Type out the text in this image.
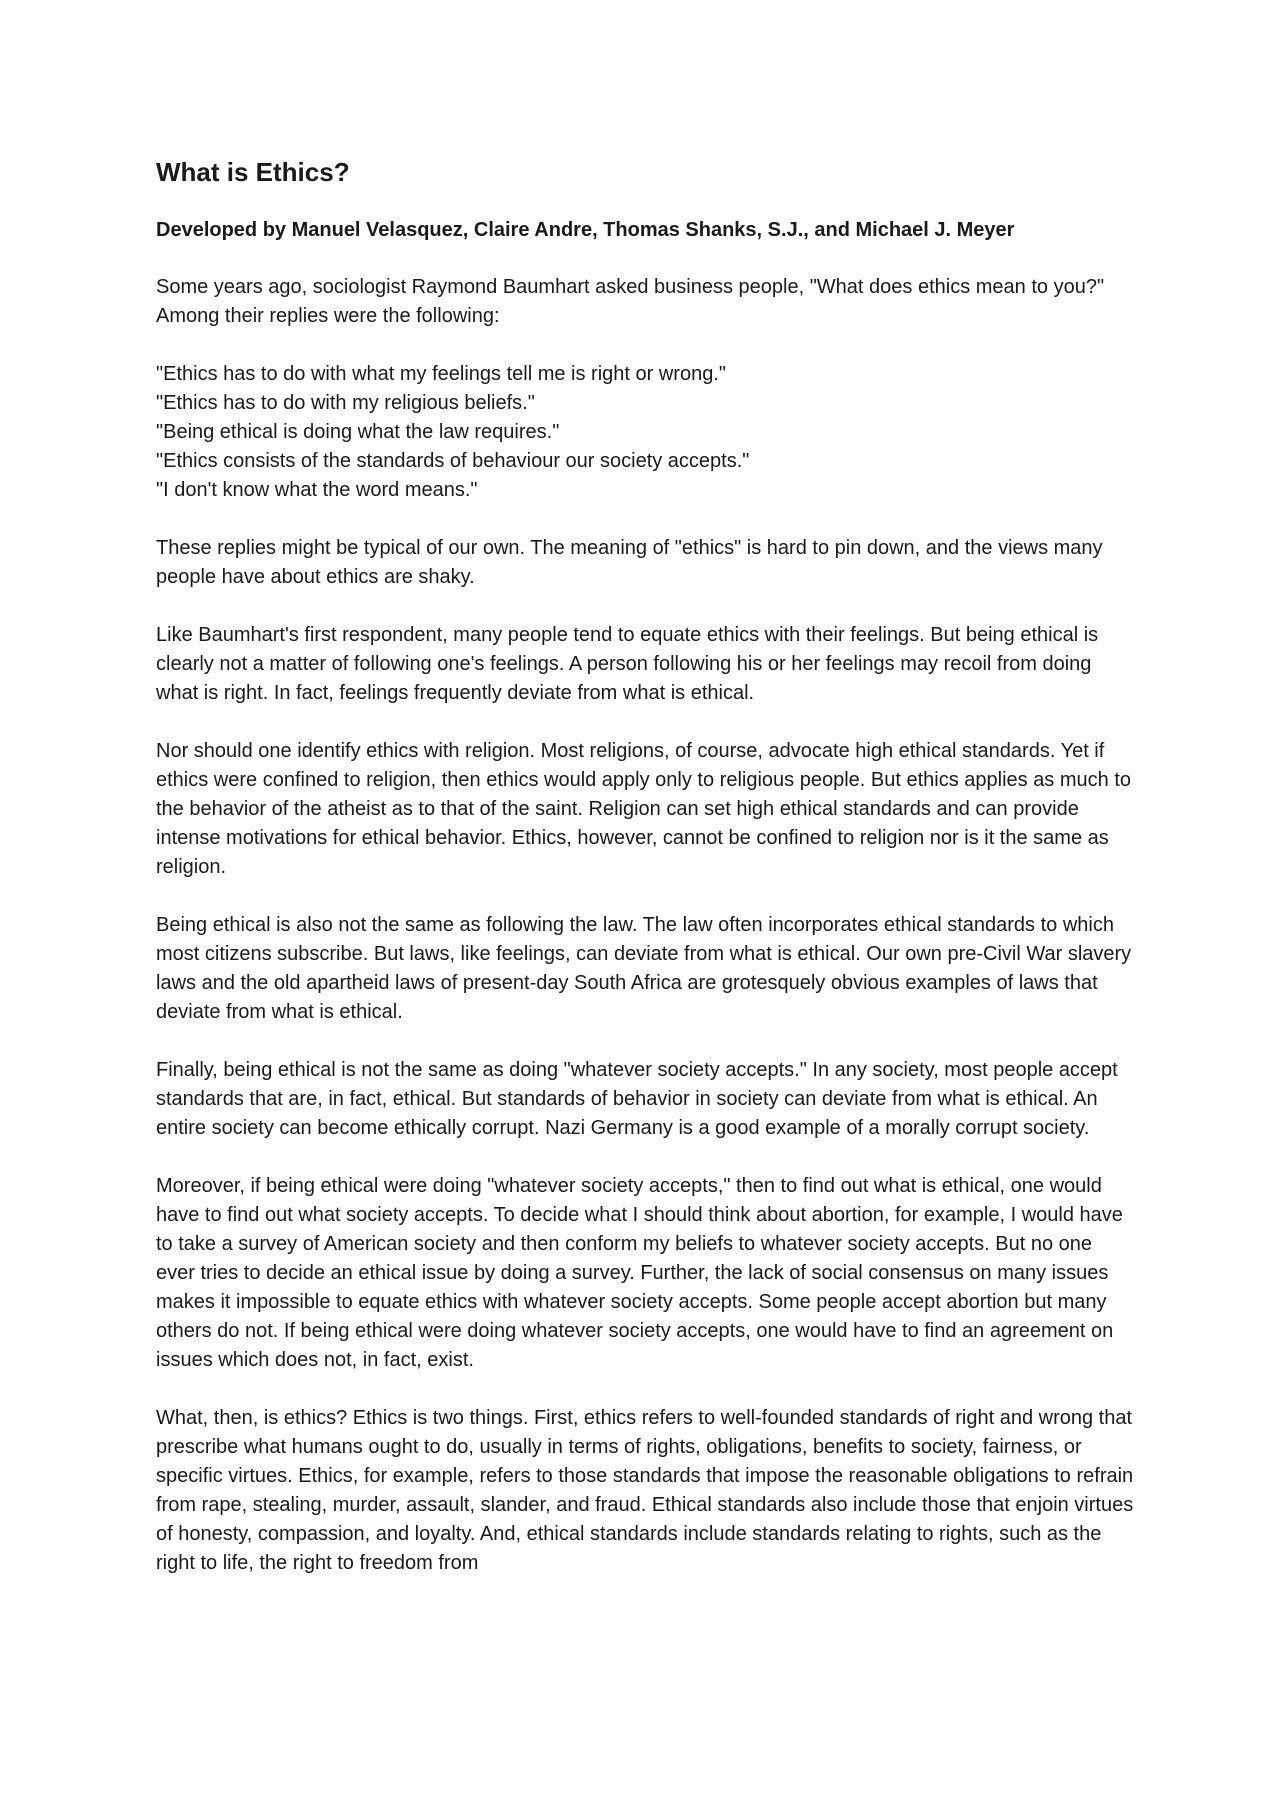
What is Ethics?
Developed by Manuel Velasquez, Claire Andre, Thomas Shanks, S.J., and Michael J. Meyer
Some years ago, sociologist Raymond Baumhart asked business people, "What does ethics mean to you?" Among their replies were the following:
"Ethics has to do with what my feelings tell me is right or wrong."
"Ethics has to do with my religious beliefs."
"Being ethical is doing what the law requires."
"Ethics consists of the standards of behaviour our society accepts."
"I don't know what the word means."
These replies might be typical of our own. The meaning of "ethics" is hard to pin down, and the views many people have about ethics are shaky.
Like Baumhart's first respondent, many people tend to equate ethics with their feelings. But being ethical is clearly not a matter of following one's feelings. A person following his or her feelings may recoil from doing what is right. In fact, feelings frequently deviate from what is ethical.
Nor should one identify ethics with religion. Most religions, of course, advocate high ethical standards. Yet if ethics were confined to religion, then ethics would apply only to religious people. But ethics applies as much to the behavior of the atheist as to that of the saint. Religion can set high ethical standards and can provide intense motivations for ethical behavior. Ethics, however, cannot be confined to religion nor is it the same as religion.
Being ethical is also not the same as following the law. The law often incorporates ethical standards to which most citizens subscribe. But laws, like feelings, can deviate from what is ethical. Our own pre-Civil War slavery laws and the old apartheid laws of present-day South Africa are grotesquely obvious examples of laws that deviate from what is ethical.
Finally, being ethical is not the same as doing "whatever society accepts." In any society, most people accept standards that are, in fact, ethical. But standards of behavior in society can deviate from what is ethical. An entire society can become ethically corrupt. Nazi Germany is a good example of a morally corrupt society.
Moreover, if being ethical were doing "whatever society accepts," then to find out what is ethical, one would have to find out what society accepts. To decide what I should think about abortion, for example, I would have to take a survey of American society and then conform my beliefs to whatever society accepts. But no one ever tries to decide an ethical issue by doing a survey. Further, the lack of social consensus on many issues makes it impossible to equate ethics with whatever society accepts. Some people accept abortion but many others do not. If being ethical were doing whatever society accepts, one would have to find an agreement on issues which does not, in fact, exist.
What, then, is ethics? Ethics is two things. First, ethics refers to well-founded standards of right and wrong that prescribe what humans ought to do, usually in terms of rights, obligations, benefits to society, fairness, or specific virtues. Ethics, for example, refers to those standards that impose the reasonable obligations to refrain from rape, stealing, murder, assault, slander, and fraud. Ethical standards also include those that enjoin virtues of honesty, compassion, and loyalty. And, ethical standards include standards relating to rights, such as the right to life, the right to freedom from
